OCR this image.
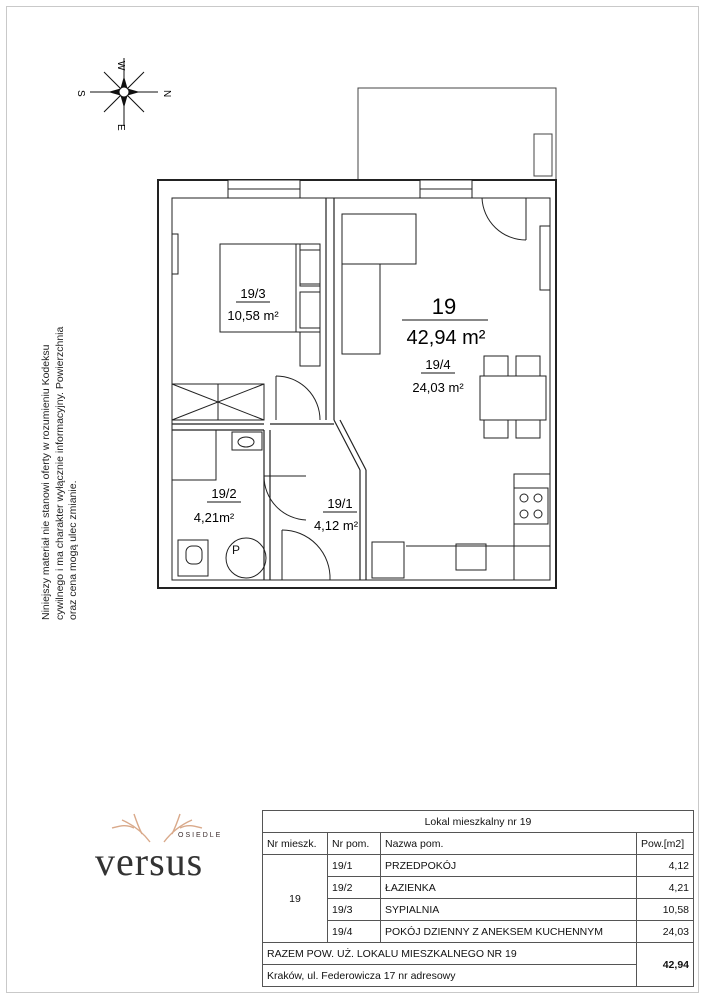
W
N
S
E
P
19/3
10,58 m²
19/2
4,21m²
19/1
4,12 m²
19
42,94 m²
19/4
24,03 m²
Niniejszy materiał nie stanowi oferty w rozumieniu Kodeksu cywilnego i ma charakter wyłącznie informacyjny. Powierzchnia oraz cena mogą ulec zmianie.
OSIEDLE
versus
Lokal mieszkalny nr 19			
Nr mieszk.	Nr pom.	Nazwa pom.	Pow.[m2]
19	19/1	PRZEDPOKÓJ	4,12
	19/2	ŁAZIENKA	4,21
	19/3	SYPIALNIA	10,58
	19/4	POKÓJ DZIENNY Z ANEKSEM KUCHENNYM	24,03
RAZEM POW. UŻ. LOKALU MIESZKALNEGO NR 19			42,94
Kraków, ul. Federowicza 17 nr adresowy			
